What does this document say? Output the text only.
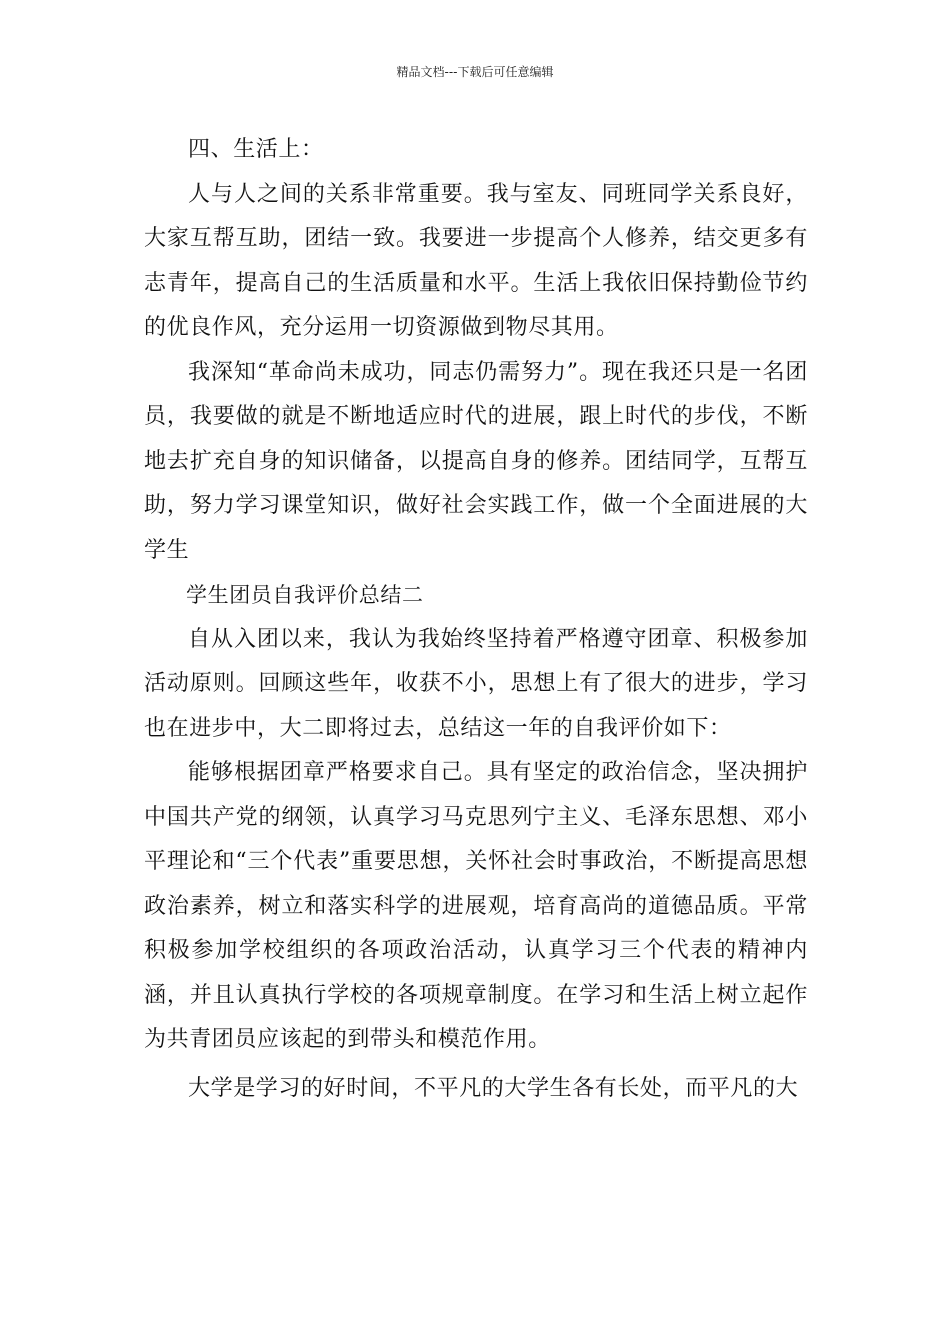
精品文档---下载后可任意编辑

四、生活上：

人与人之间的关系非常重要。我与室友、同班同学关系良好，大家互帮互助，团结一致。我要进一步提高个人修养，结交更多有志青年，提高自己的生活质量和水平。生活上我依旧保持勤俭节约的优良作风，充分运用一切资源做到物尽其用。

我深知“革命尚未成功，同志仍需努力”。现在我还只是一名团员，我要做的就是不断地适应时代的进展，跟上时代的步伐，不断地去扩充自身的知识储备，以提高自身的修养。团结同学，互帮互助，努力学习课堂知识，做好社会实践工作，做一个全面进展的大学生

学生团员自我评价总结二

自从入团以来，我认为我始终坚持着严格遵守团章、积极参加活动原则。回顾这些年，收获不小，思想上有了很大的进步，学习也在进步中，大二即将过去，总结这一年的自我评价如下：

能够根据团章严格要求自己。具有坚定的政治信念，坚决拥护中国共产党的纲领，认真学习马克思列宁主义、毛泽东思想、邓小平理论和“三个代表”重要思想，关怀社会时事政治，不断提高思想政治素养，树立和落实科学的进展观，培育高尚的道德品质。平常积极参加学校组织的各项政治活动，认真学习三个代表的精神内涵，并且认真执行学校的各项规章制度。在学习和生活上树立起作为共青团员应该起的到带头和模范作用。

大学是学习的好时间，不平凡的大学生各有长处，而平凡的大
